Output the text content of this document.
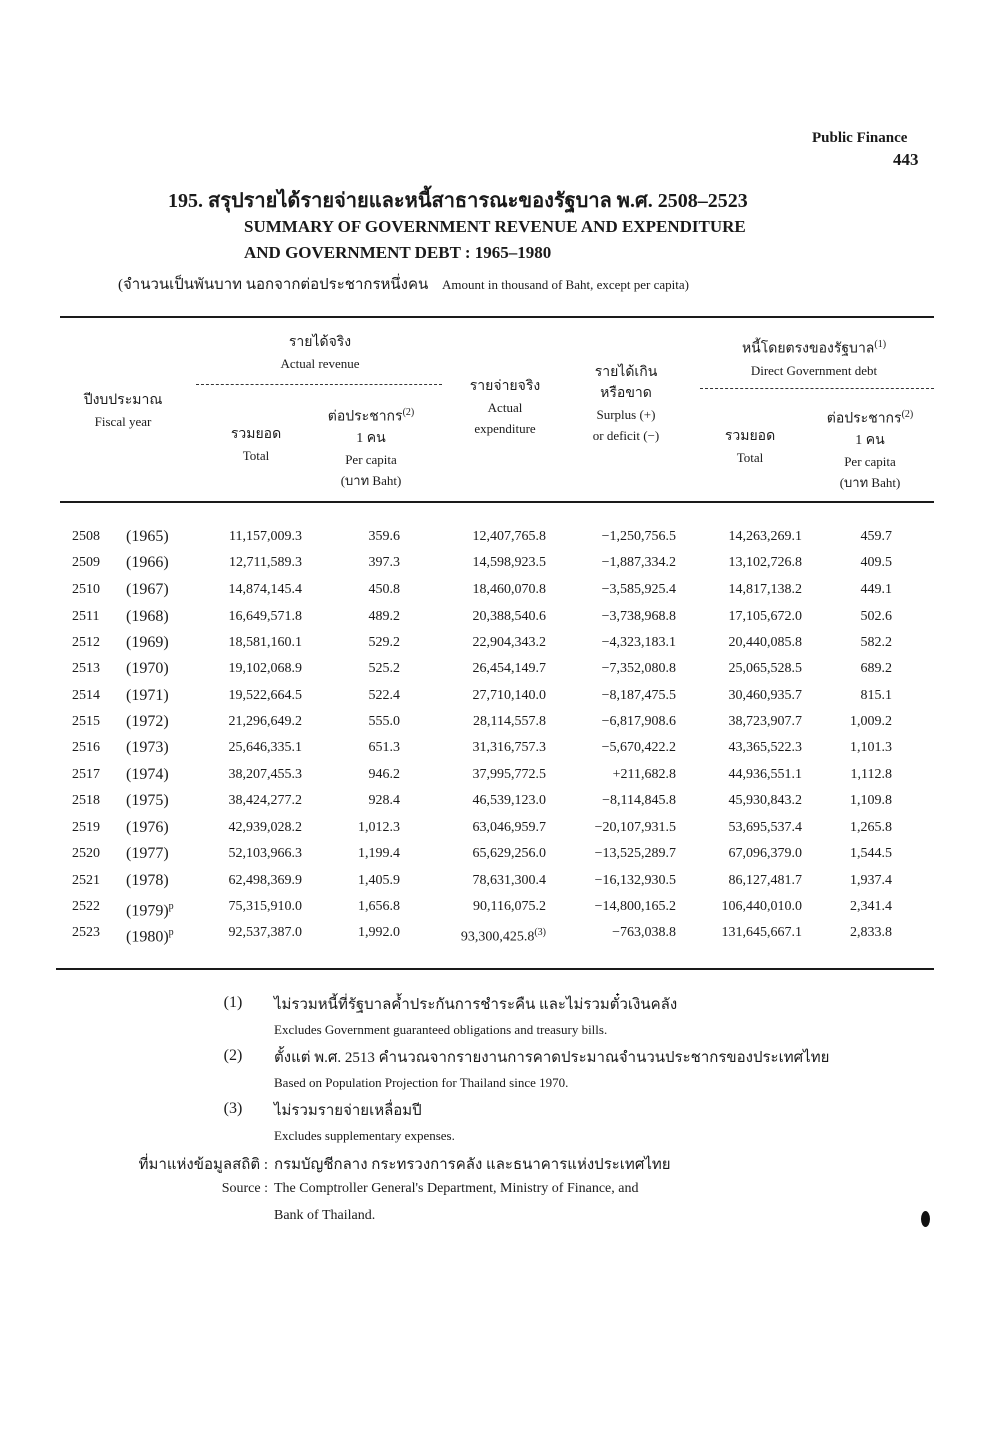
Public Finance
443
195. สรุปรายได้รายจ่ายและหนี้สาธารณะของรัฐบาล พ.ศ. 2508–2523
SUMMARY OF GOVERNMENT REVENUE AND EXPENDITURE
AND GOVERNMENT DEBT : 1965–1980
(จำนวนเป็นพันบาท นอกจากต่อประชากรหนึ่งคน Amount in thousand of Baht, except per capita)
ปีงบประมาณ
Fiscal year
รายได้จริง
Actual revenue
รวมยอด
Total
ต่อประชากร$^{(2)}$
1 คน
Per capita
(บาท Baht)
รายจ่ายจริง
Actual
expenditure
รายได้เกิน
หรือขาด
Surplus (+)
or deficit (−)
หนี้โดยตรงของรัฐบาล$^{(1)}$
Direct Government debt
รวมยอด
Total
ต่อประชากร$^{(2)}$
1 คน
Per capita
(บาท Baht)
2508	(1965)	11,157,009.3	359.6	12,407,765.8	−1,250,756.5	14,263,269.1	459.7
2509	(1966)	12,711,589.3	397.3	14,598,923.5	−1,887,334.2	13,102,726.8	409.5
2510	(1967)	14,874,145.4	450.8	18,460,070.8	−3,585,925.4	14,817,138.2	449.1
2511	(1968)	16,649,571.8	489.2	20,388,540.6	−3,738,968.8	17,105,672.0	502.6
2512	(1969)	18,581,160.1	529.2	22,904,343.2	−4,323,183.1	20,440,085.8	582.2
2513	(1970)	19,102,068.9	525.2	26,454,149.7	−7,352,080.8	25,065,528.5	689.2
2514	(1971)	19,522,664.5	522.4	27,710,140.0	−8,187,475.5	30,460,935.7	815.1
2515	(1972)	21,296,649.2	555.0	28,114,557.8	−6,817,908.6	38,723,907.7	1,009.2
2516	(1973)	25,646,335.1	651.3	31,316,757.3	−5,670,422.2	43,365,522.3	1,101.3
2517	(1974)	38,207,455.3	946.2	37,995,772.5	+211,682.8	44,936,551.1	1,112.8
2518	(1975)	38,424,277.2	928.4	46,539,123.0	−8,114,845.8	45,930,843.2	1,109.8
2519	(1976)	42,939,028.2	1,012.3	63,046,959.7	−20,107,931.5	53,695,537.4	1,265.8
2520	(1977)	52,103,966.3	1,199.4	65,629,256.0	−13,525,289.7	67,096,379.0	1,544.5
2521	(1978)	62,498,369.9	1,405.9	78,631,300.4	−16,132,930.5	86,127,481.7	1,937.4
2522	$(1979)^p$	75,315,910.0	1,656.8	90,116,075.2	−14,800,165.2	106,440,010.0	2,341.4
2523	$(1980)^p$	92,537,387.0	1,992.0	$93,300,425.8^{(3)}$	−763,038.8	131,645,667.1	2,833.8
(1)	ไม่รวมหนี้ที่รัฐบาลค้ำประกันการชำระคืน และไม่รวมตั๋วเงินคลัง
Excludes Government guaranteed obligations and treasury bills.
(2)	ตั้งแต่ พ.ศ. 2513 คำนวณจากรายงานการคาดประมาณจำนวนประชากรของประเทศไทย
Based on Population Projection for Thailand since 1970.
(3)	ไม่รวมรายจ่ายเหลื่อมปี
Excludes supplementary expenses.
ที่มาแห่งข้อมูลสถิติ : กรมบัญชีกลาง กระทรวงการคลัง และธนาคารแห่งประเทศไทย
Source : The Comptroller General's Department, Ministry of Finance, and
Bank of Thailand.
